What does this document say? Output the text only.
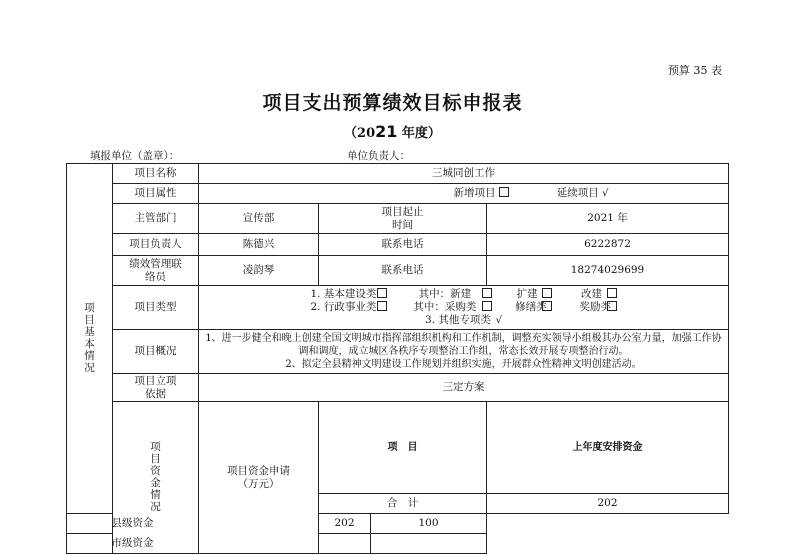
预算 35 表
项目支出预算绩效目标申报表
（2021 年度）
填报单位（盖章）：	单位负责人：
项目基本情况	项目名称	三城同创工作				
	项目属性	新增项目 延续项目 √				
	主管部门	宣传部	项目起止时间		2021 年	
	项目负责人	陈德兴	联系电话		6222872	
	绩效管理联络员	凌韵琴	联系电话		18274029699	
	项目类型	1. 基本建设类 其中：新建 扩建 改建
2. 行政事业类 其中：采购类 修缮类 奖励类
3. 其他专项类 √				

	项目概况	1、进一步健全和晚上创建全国文明城市指挥部组织机构和工作机制，调整充实领导小组极其办公室力量，加强工作协调和调度，成立城区各秩序专项整治工作组，常态长效开展专项整治行动。
2、拟定全县精神文明建设工作规划并组织实施，开展群众性精神文明创建活动。				

	项目立项依据	三定方案				
	项目资金情况	项目资金申请（万元）	项　目		上年度安排资金	
			合　计		202	
县级资金			202	100		
市级资金						
